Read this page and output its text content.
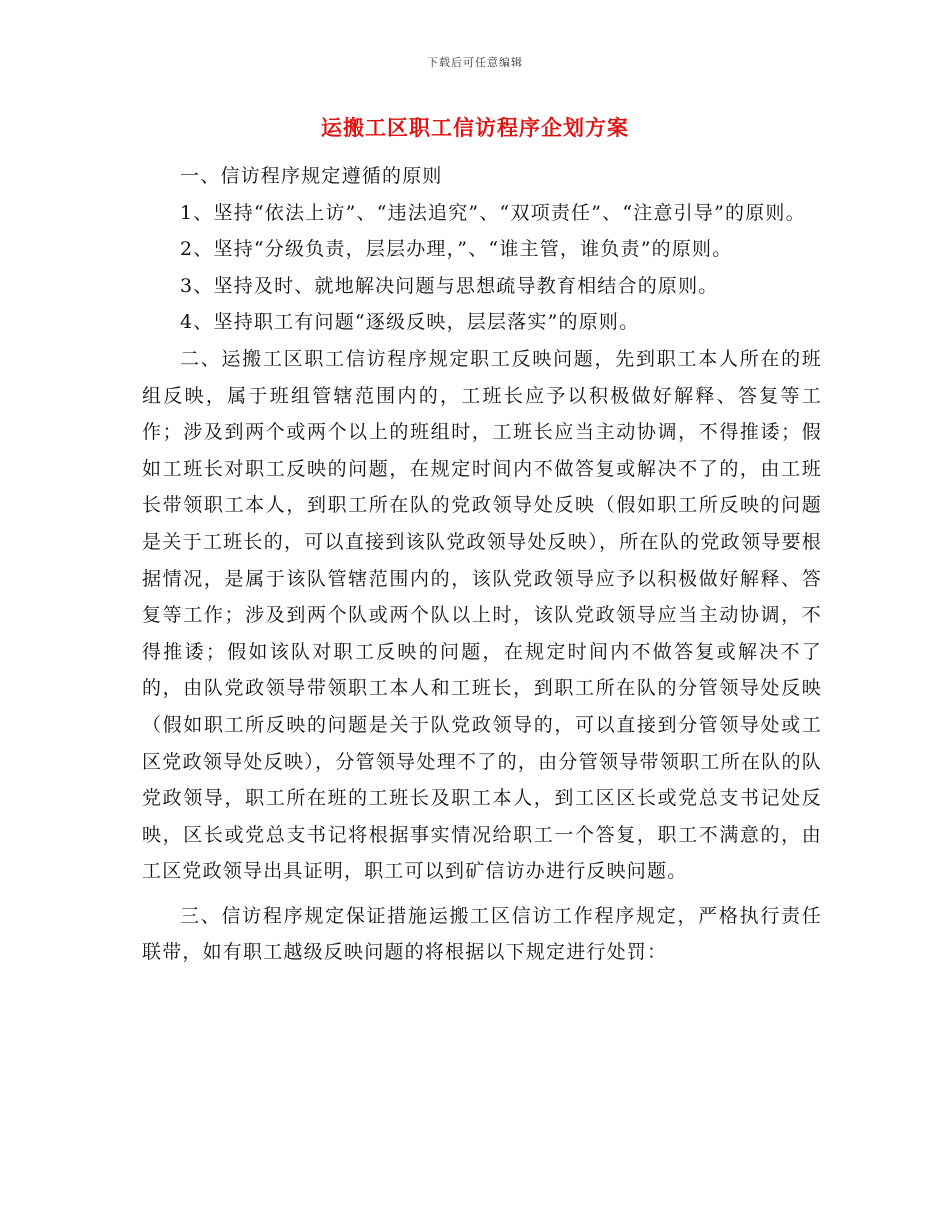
下载后可任意编辑
运搬工区职工信访程序企划方案

一、信访程序规定遵循的原则

1、坚持“依法上访”、“违法追究”、“双项责任”、“注意引导”的原则。

2、坚持“分级负责，层层办理，”、“谁主管，谁负责”的原则。

3、坚持及时、就地解决问题与思想疏导教育相结合的原则。

4、坚持职工有问题“逐级反映，层层落实”的原则。

二、运搬工区职工信访程序规定职工反映问题，先到职工本人所在的班组反映，属于班组管辖范围内的，工班长应予以积极做好解释、答复等工作；涉及到两个或两个以上的班组时，工班长应当主动协调，不得推诿；假如工班长对职工反映的问题，在规定时间内不做答复或解决不了的，由工班长带领职工本人，到职工所在队的党政领导处反映（假如职工所反映的问题是关于工班长的，可以直接到该队党政领导处反映），所在队的党政领导要根据情况，是属于该队管辖范围内的，该队党政领导应予以积极做好解释、答复等工作；涉及到两个队或两个队以上时，该队党政领导应当主动协调，不得推诿；假如该队对职工反映的问题，在规定时间内不做答复或解决不了的，由队党政领导带领职工本人和工班长，到职工所在队的分管领导处反映（假如职工所反映的问题是关于队党政领导的，可以直接到分管领导处或工区党政领导处反映），分管领导处理不了的，由分管领导带领职工所在队的队党政领导，职工所在班的工班长及职工本人，到工区区长或党总支书记处反映，区长或党总支书记将根据事实情况给职工一个答复，职工不满意的，由工区党政领导出具证明，职工可以到矿信访办进行反映问题。

三、信访程序规定保证措施运搬工区信访工作程序规定，严格执行责任联带，如有职工越级反映问题的将根据以下规定进行处罚：
